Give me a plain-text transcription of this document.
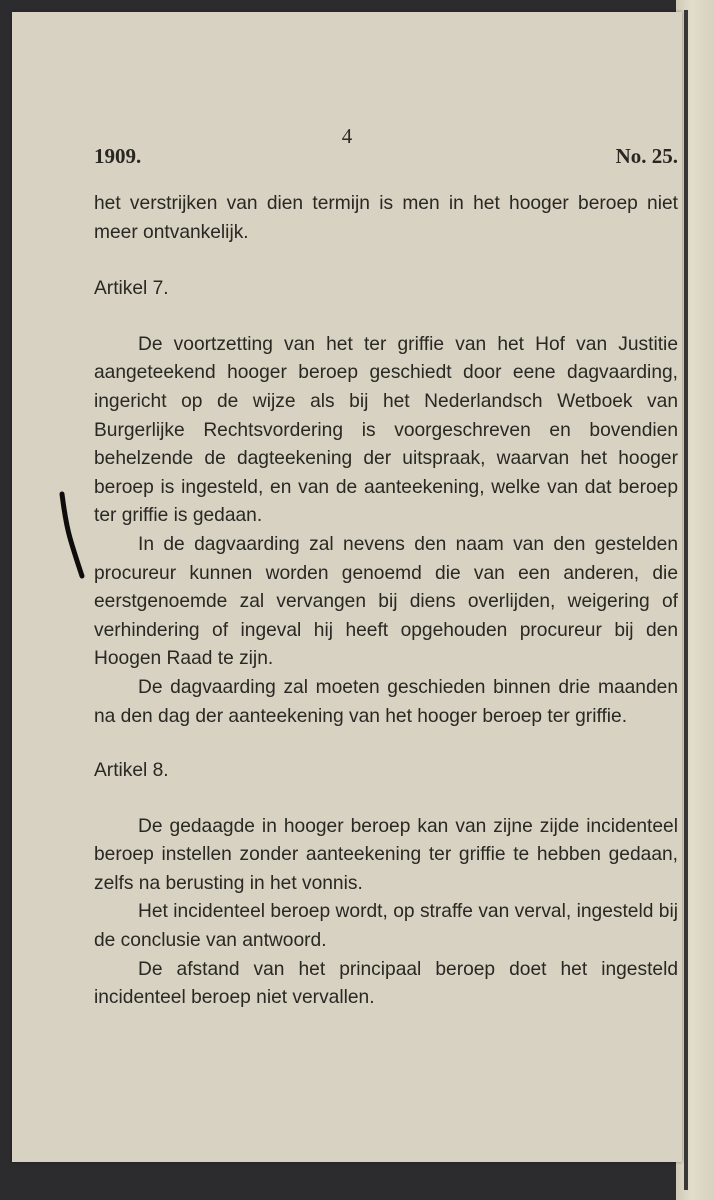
4
1909.	No. 25.

het verstrijken van dien termijn is men in het hooger beroep niet meer ontvankelijk.

Artikel 7.

De voortzetting van het ter griffie van het Hof van Justitie aangeteekend hooger beroep geschiedt door eene dagvaarding, ingericht op de wijze als bij het Nederlandsch Wetboek van Burgerlijke Rechtsvordering is voorgeschreven en bovendien behelzende de dagteekening der uitspraak, waarvan het hooger beroep is ingesteld, en van de aanteekening, welke van dat beroep ter griffie is gedaan.

In de dagvaarding zal nevens den naam van den gestelden procureur kunnen worden genoemd die van een anderen, die eerstgenoemde zal vervangen bij diens overlijden, weigering of verhindering of ingeval hij heeft opgehouden procureur bij den Hoogen Raad te zijn.

De dagvaarding zal moeten geschieden binnen drie maanden na den dag der aanteekening van het hooger beroep ter griffie.

Artikel 8.

De gedaagde in hooger beroep kan van zijne zijde incidenteel beroep instellen zonder aanteekening ter griffie te hebben gedaan, zelfs na berusting in het vonnis.

Het incidenteel beroep wordt, op straffe van verval, ingesteld bij de conclusie van antwoord.

De afstand van het principaal beroep doet het ingesteld incidenteel beroep niet vervallen.
